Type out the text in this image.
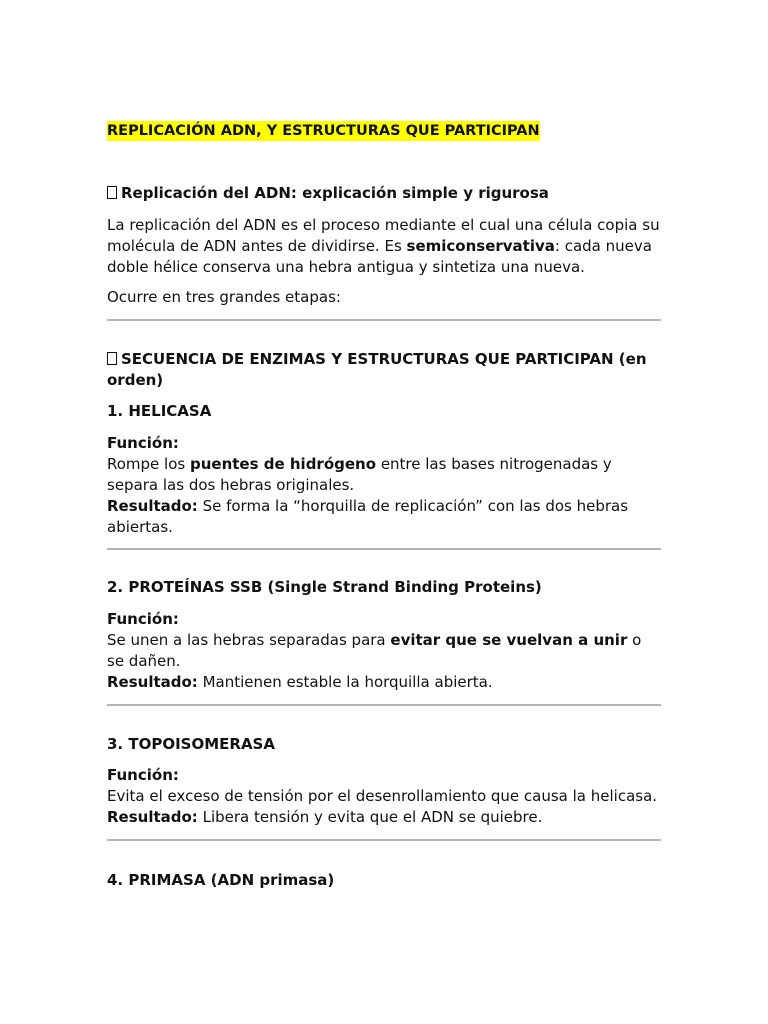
REPLICACIÓN ADN, Y ESTRUCTURAS QUE PARTICIPAN

Replicación del ADN: explicación simple y rigurosa

La replicación del ADN es el proceso mediante el cual una célula copia su molécula de ADN antes de dividirse. Es semiconservativa: cada nueva doble hélice conserva una hebra antigua y sintetiza una nueva.

Ocurre en tres grandes etapas:

SECUENCIA DE ENZIMAS Y ESTRUCTURAS QUE PARTICIPAN (en orden)

1. HELICASA

Función:
Rompe los puentes de hidrógeno entre las bases nitrogenadas y separa las dos hebras originales.
Resultado: Se forma la “horquilla de replicación” con las dos hebras abiertas.

2. PROTEÍNAS SSB (Single Strand Binding Proteins)

Función:
Se unen a las hebras separadas para evitar que se vuelvan a unir o se dañen.
Resultado: Mantienen estable la horquilla abierta.

3. TOPOISOMERASA

Función:
Evita el exceso de tensión por el desenrollamiento que causa la helicasa.
Resultado: Libera tensión y evita que el ADN se quiebre.

4. PRIMASA (ADN primasa)
